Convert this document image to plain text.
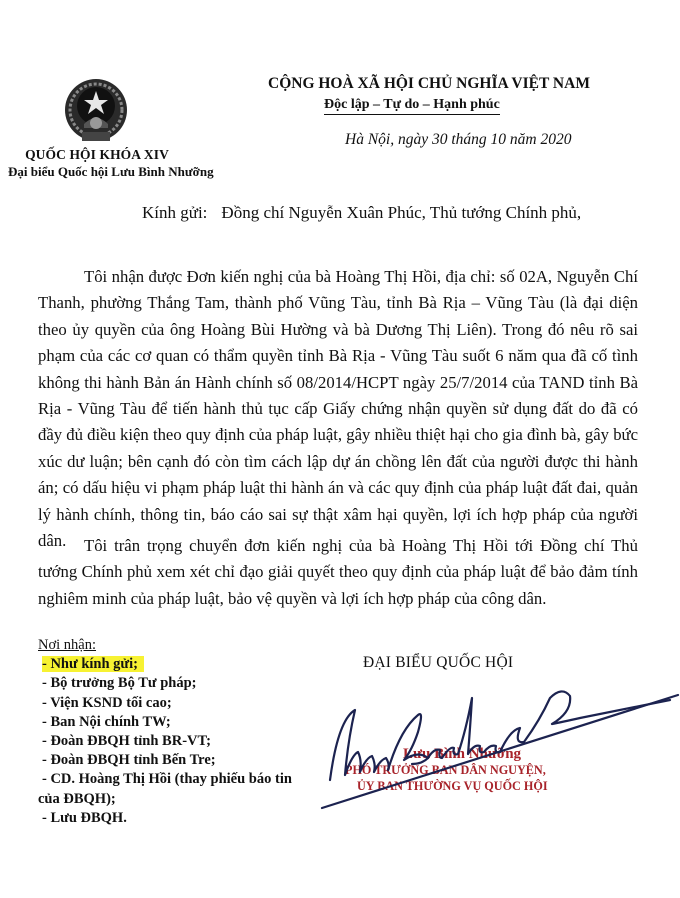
QUỐC HỘI KHÓA XIV
Đại biểu Quốc hội Lưu Bình Nhưỡng
CỘNG HOÀ XÃ HỘI CHỦ NGHĨA VIỆT NAM
Độc lập – Tự do – Hạnh phúc
Hà Nội, ngày 30 tháng 10 năm 2020
Kính gửi: Đồng chí Nguyễn Xuân Phúc, Thủ tướng Chính phủ,
Tôi nhận được Đơn kiến nghị của bà Hoàng Thị Hồi, địa chỉ: số 02A, Nguyễn Chí Thanh, phường Thắng Tam, thành phố Vũng Tàu, tỉnh Bà Rịa – Vũng Tàu (là đại diện theo ủy quyền của ông Hoàng Bùi Hường và bà Dương Thị Liên). Trong đó nêu rõ sai phạm của các cơ quan có thẩm quyền tỉnh Bà Rịa - Vũng Tàu suốt 6 năm qua đã cố tình không thi hành Bản án Hành chính số 08/2014/HCPT ngày 25/7/2014 của TAND tỉnh Bà Rịa - Vũng Tàu để tiến hành thủ tục cấp Giấy chứng nhận quyền sử dụng đất do đã có đầy đủ điều kiện theo quy định của pháp luật, gây nhiều thiệt hại cho gia đình bà, gây bức xúc dư luận; bên cạnh đó còn tìm cách lập dự án chồng lên đất của người được thi hành án; có dấu hiệu vi phạm pháp luật thi hành án và các quy định của pháp luật đất đai, quản lý hành chính, thông tin, báo cáo sai sự thật xâm hại quyền, lợi ích hợp pháp của người dân.	Tôi trân trọng chuyển đơn kiến nghị của bà Hoàng Thị Hồi tới Đồng chí Thủ tướng Chính phủ xem xét chỉ đạo giải quyết theo quy định của pháp luật để bảo đảm tính nghiêm minh của pháp luật, bảo vệ quyền và lợi ích hợp pháp của công dân.
Nơi nhận:
- Như kính gửi;
- Bộ trưởng Bộ Tư pháp;
- Viện KSND tối cao;
- Ban Nội chính TW;
- Đoàn ĐBQH tỉnh BR-VT;
- Đoàn ĐBQH tỉnh Bến Tre;
- CD. Hoàng Thị Hồi (thay phiếu báo tin
của ĐBQH);
- Lưu ĐBQH.
ĐẠI BIỂU QUỐC HỘI
Lưu Bình Nhưỡng
PHÓ TRƯỞNG BAN DÂN NGUYỆN,
ỦY BAN THƯỜNG VỤ QUỐC HỘI
